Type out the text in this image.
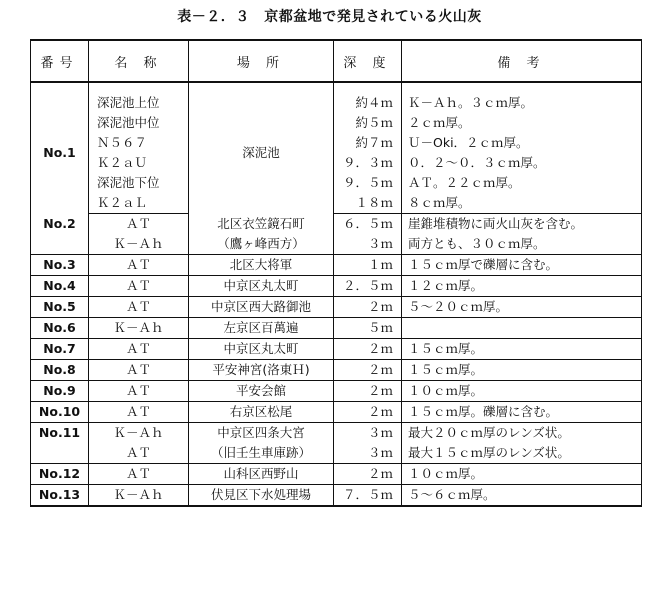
表－２．３　京都盆地で発見されている火山灰
番号	名 称	場 所	深 度	備 考

No.1	深泥池上位	深泥池	約４ｍ	Ｋ－Ａｈ。３ｃｍ厚。
	深泥池中位		約５ｍ	２ｃｍ厚。
	Ｎ５６７		約７ｍ	Ｕ－Oki．２ｃｍ厚。
	Ｋ２ａＵ		９．３ｍ	０．２～０．３ｃｍ厚。
	深泥池下位		９．５ｍ	ＡＴ。２２ｃｍ厚。
	Ｋ２ａＬ		１８ｍ	８ｃｍ厚。
No.2	ＡＴ	北区衣笠鏡石町	６．５ｍ	崖錐堆積物に両火山灰を含む。
	Ｋ－Ａｈ	（鷹ヶ峰西方）	３ｍ	両方とも、３０ｃｍ厚。
No.3	ＡＴ	北区大将軍	１ｍ	１５ｃｍ厚で礫層に含む。
No.4	ＡＴ	中京区丸太町	２．５ｍ	１２ｃｍ厚。
No.5	ＡＴ	中京区西大路御池	２ｍ	５～２０ｃｍ厚。
No.6	Ｋ－Ａｈ	左京区百萬遍	５ｍ	
No.7	ＡＴ	中京区丸太町	２ｍ	１５ｃｍ厚。
No.8	ＡＴ	平安神宮(洛東Ｈ)	２ｍ	１５ｃｍ厚。
No.9	ＡＴ	平安会館	２ｍ	１０ｃｍ厚。
No.10	ＡＴ	右京区松尾	２ｍ	１５ｃｍ厚。礫層に含む。
No.11	Ｋ－Ａｈ	中京区四条大宮	３ｍ	最大２０ｃｍ厚のレンズ状。
	ＡＴ	（旧壬生車庫跡）	３ｍ	最大１５ｃｍ厚のレンズ状。
No.12	ＡＴ	山科区西野山	２ｍ	１０ｃｍ厚。
No.13	Ｋ－Ａｈ	伏見区下水処理場	７．５ｍ	５～６ｃｍ厚。
